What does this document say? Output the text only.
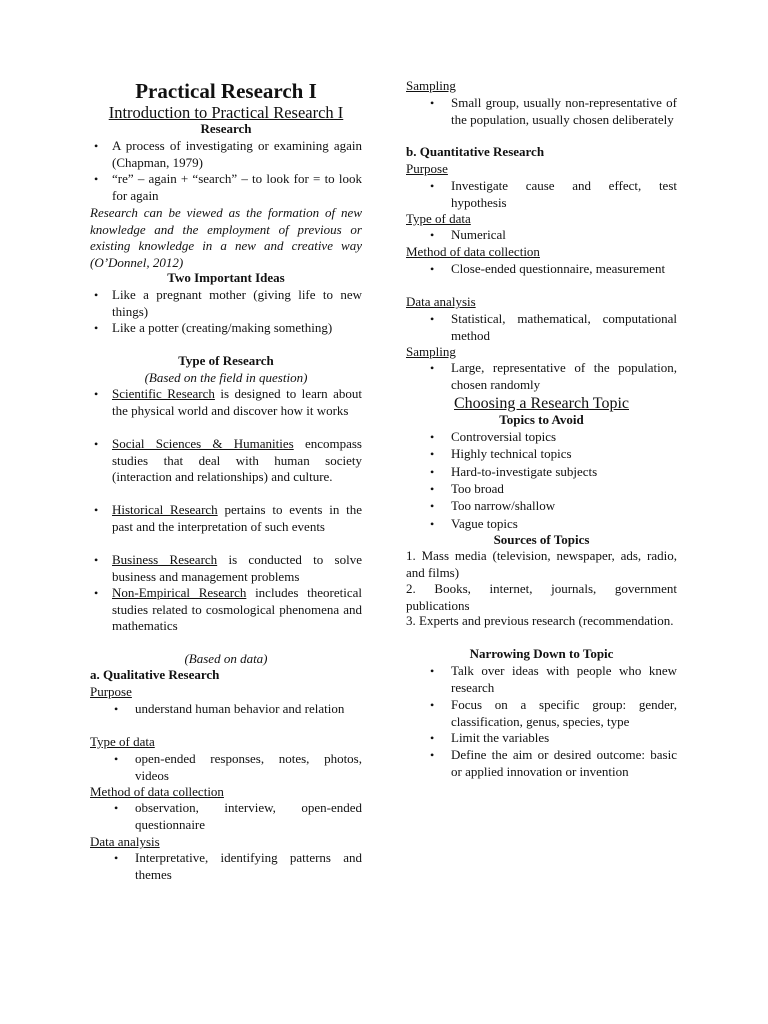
Practical Research I
Introduction to Practical Research I
Research
• A process of investigating or examining again (Chapman, 1979)
• “re” – again + “search” – to look for = to look for again
Research can be viewed as the formation of new knowledge and the employment of previous or existing knowledge in a new and creative way (O’Donnel, 2012)
Two Important Ideas
• Like a pregnant mother (giving life to new things)
• Like a potter (creating/making something)
Type of Research
(Based on the field in question)
• Scientific Research is designed to learn about the physical world and discover how it works
• Social Sciences & Humanities encompass studies that deal with human society (interaction and relationships) and culture.
• Historical Research pertains to events in the past and the interpretation of such events
• Business Research is conducted to solve business and management problems
• Non-Empirical Research includes theoretical studies related to cosmological phenomena and mathematics
(Based on data)
a. Qualitative Research
Purpose
• understand human behavior and relation
Type of data
• open-ended responses, notes, photos, videos
Method of data collection
• observation, interview, open-ended questionnaire
Data analysis
• Interpretative, identifying patterns and themes
Sampling
• Small group, usually non-representative of the population, usually chosen deliberately
b. Quantitative Research
Purpose
• Investigate cause and effect, test hypothesis
Type of data
• Numerical
Method of data collection
• Close-ended questionnaire, measurement
Data analysis
• Statistical, mathematical, computational method
Sampling
• Large, representative of the population, chosen randomly
Choosing a Research Topic
Topics to Avoid
• Controversial topics
• Highly technical topics
• Hard-to-investigate subjects
• Too broad
• Too narrow/shallow
• Vague topics
Sources of Topics
1. Mass media (television, newspaper, ads, radio, and films)
2. Books, internet, journals, government publications
3. Experts and previous research (recommendation.
Narrowing Down to Topic
• Talk over ideas with people who knew research
• Focus on a specific group: gender, classification, genus, species, type
• Limit the variables
• Define the aim or desired outcome: basic or applied innovation or invention
